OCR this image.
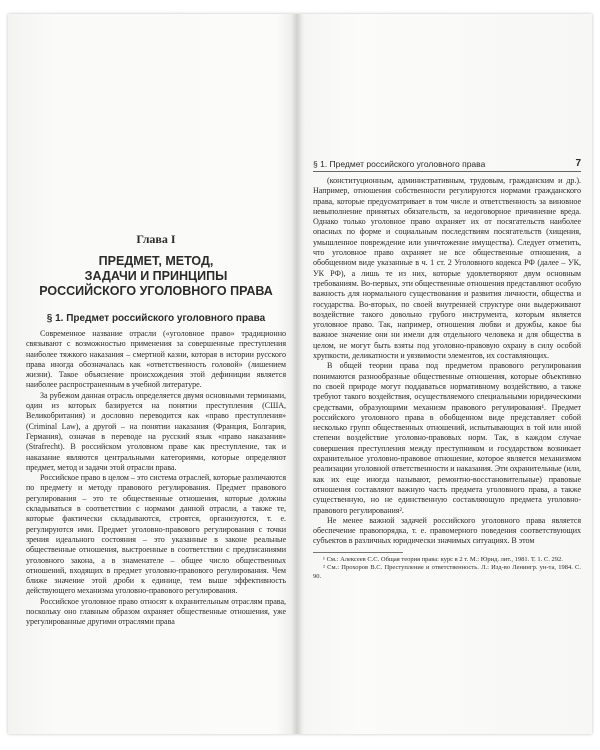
Глава I
ПРЕДМЕТ, МЕТОД,
ЗАДАЧИ И ПРИНЦИПЫ
РОССИЙСКОГО УГОЛОВНОГО ПРАВА
§ 1. Предмет российского уголовного права

Современное название отрасли («уголовное право» традиционно связывают с возможностью применения за совершенные преступления наиболее тяжкого наказания – смертной казни, которая в истории русского права иногда обозначалась как «ответственность головой» (лишением жизни). Такое объяснение происхождения этой дефиниции является наиболее распространенным в учебной литературе.

За рубежом данная отрасль определяется двумя основными терминами, один из которых базируется на понятии преступления (США, Великобритания) и дословно переводится как «право преступления» (Criminal Law), а другой – на понятии наказания (Франция, Болгария, Германия), означая в переводе на русский язык «право наказания» (Strafrecht). В российском уголовном праве как преступление, так и наказание являются центральными категориями, которые определяют предмет, метод и задачи этой отрасли права.

Российское право в целом – это система отраслей, которые различаются по предмету и методу правового регулирования. Предмет правового регулирования – это те общественные отношения, которые должны складываться в соответствии с нормами данной отрасли, а также те, которые фактически складываются, строятся, организуются, т. е. регулируются ими. Предмет уголовно-правового регулирования с точки зрения идеального состояния – это указанные в законе реальные общественные отношения, выстроенные в соответствии с предписаниями уголовного закона, а в знаменателе – общее число общественных отношений, входящих в предмет уголовно-правового регулирования. Чем ближе значение этой дроби к единице, тем выше эффективность действующего механизма уголовно-правового регулирования.

Российское уголовное право относят к охранительным отраслям права, поскольку оно главным образом охраняет общественные отношения, уже урегулированные другими отраслями права

§ 1. Предмет российского уголовного права	7

(конституционным, административным, трудовым, гражданским и др.). Например, отношения собственности регулируются нормами гражданского права, которые предусматривает в том числе и ответственность за виновное невыполнение принятых обязательств, за недоговорное причинение вреда. Однако только уголовное право охраняет их от посягательств наиболее опасных по форме и социальным последствиям посягательств (хищения, умышленное повреждение или уничтожение имущества). Следует отметить, что уголовное право охраняет не все общественные отношения, а обобщенном виде указанные в ч. 1 ст. 2 Уголовного кодекса РФ (далее – УК, УК РФ), а лишь те из них, которые удовлетворяют двум основным требованиям. Во-первых, эти общественные отношения представляют особую важность для нормального существования и развития личности, общества и государства. Во-вторых, по своей внутренней структуре они выдерживают воздействие такого довольно грубого инструмента, которым является уголовное право. Так, например, отношения любви и дружбы, какое бы важное значение они ни имели для отдельного человека и для общества в целом, не могут быть взяты под уголовно-правовую охрану в силу особой хрупкости, деликатности и уязвимости элементов, их составляющих.

В общей теории права под предметом правового регулирования понимаются разнообразные общественные отношения, которые объективно по своей природе могут поддаваться нормативному воздействию, а также требуют такого воздействия, осуществляемого специальными юридическими средствами, образующими механизм правового регулирования¹. Предмет российского уголовного права в обобщенном виде представляет собой несколько групп общественных отношений, испытывающих в той или иной степени воздействие уголовно-правовых норм. Так, в каждом случае совершения преступления между преступником и государством возникает охранительное уголовно-правовое отношение, которое является механизмом реализации уголовной ответственности и наказания. Эти охранительные (или, как их еще иногда называют, ремонтно-восстановительные) правовые отношения составляют важную часть предмета уголовного права, а также существенную, но не единственную составляющую предмета уголовно-правового регулирования².

Не менее важной задачей российского уголовного права является обеспечение правопорядка, т. е. правомерного поведения соответствующих субъектов в различных юридически значимых ситуациях. В этом

¹ См.: Алексеев С.С. Общая теория права: курс в 2 т. М.: Юрид. лит., 1981. Т. 1. С. 292.

² См.: Прохоров В.С. Преступление и ответственность. Л.: Изд-во Ленингр. ун-та, 1984. С. 90.
